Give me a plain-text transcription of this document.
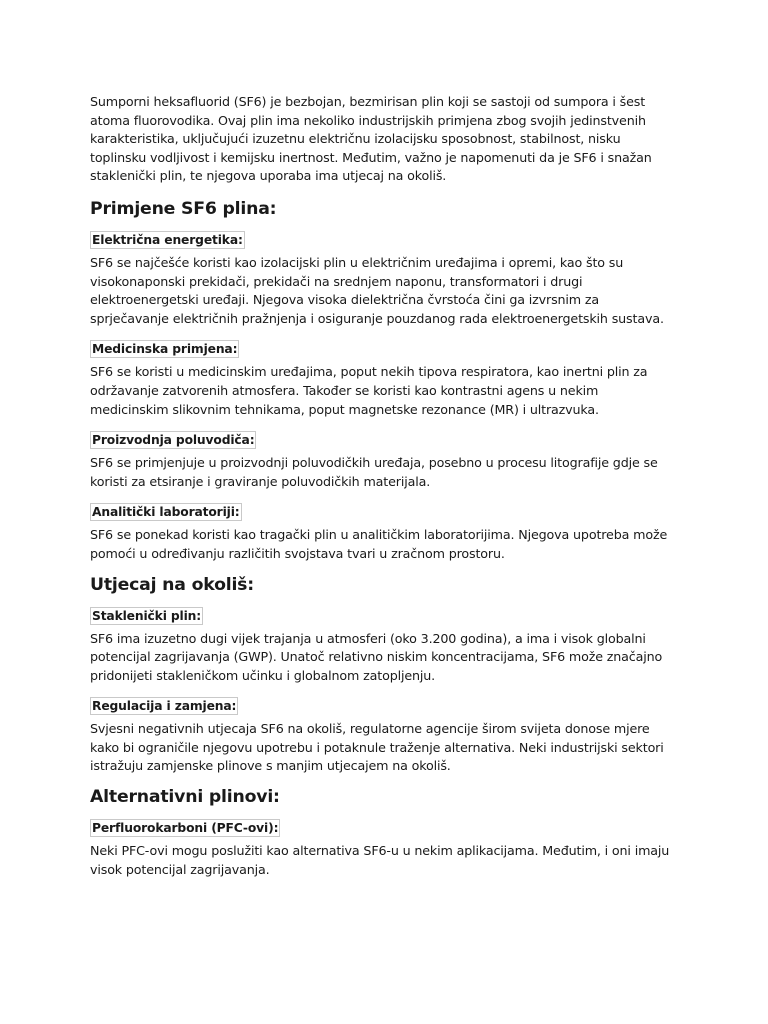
Sumporni heksafluorid (SF6) je bezbojan, bezmirisan plin koji se sastoji od sumpora i šest atoma fluorovodika. Ovaj plin ima nekoliko industrijskih primjena zbog svojih jedinstvenih karakteristika, uključujući izuzetnu električnu izolacijsku sposobnost, stabilnost, nisku toplinsku vodljivost i kemijsku inertnost. Međutim, važno je napomenuti da je SF6 i snažan staklenički plin, te njegova uporaba ima utjecaj na okoliš.

Primjene SF6 plina:
Električna energetika:

SF6 se najčešće koristi kao izolacijski plin u električnim uređajima i opremi, kao što su visokonaponski prekidači, prekidači na srednjem naponu, transformatori i drugi elektroenergetski uređaji. Njegova visoka dielektrična čvrstoća čini ga izvrsnim za sprječavanje električnih pražnjenja i osiguranje pouzdanog rada elektroenergetskih sustava.

Medicinska primjena:

SF6 se koristi u medicinskim uređajima, poput nekih tipova respiratora, kao inertni plin za održavanje zatvorenih atmosfera. Također se koristi kao kontrastni agens u nekim medicinskim slikovnim tehnikama, poput magnetske rezonance (MR) i ultrazvuka.

Proizvodnja poluvodiča:

SF6 se primjenjuje u proizvodnji poluvodičkih uređaja, posebno u procesu litografije gdje se koristi za etsiranje i graviranje poluvodičkih materijala.

Analitički laboratoriji:

SF6 se ponekad koristi kao tragački plin u analitičkim laboratorijima. Njegova upotreba može pomoći u određivanju različitih svojstava tvari u zračnom prostoru.

Utjecaj na okoliš:
Staklenički plin:

SF6 ima izuzetno dugi vijek trajanja u atmosferi (oko 3.200 godina), a ima i visok globalni potencijal zagrijavanja (GWP). Unatoč relativno niskim koncentracijama, SF6 može značajno pridonijeti stakleničkom učinku i globalnom zatopljenju.

Regulacija i zamjena:

Svjesni negativnih utjecaja SF6 na okoliš, regulatorne agencije širom svijeta donose mjere kako bi ograničile njegovu upotrebu i potaknule traženje alternativa. Neki industrijski sektori istražuju zamjenske plinove s manjim utjecajem na okoliš.

Alternativni plinovi:
Perfluorokarboni (PFC-ovi):

Neki PFC-ovi mogu poslužiti kao alternativa SF6-u u nekim aplikacijama. Međutim, i oni imaju visok potencijal zagrijavanja.
